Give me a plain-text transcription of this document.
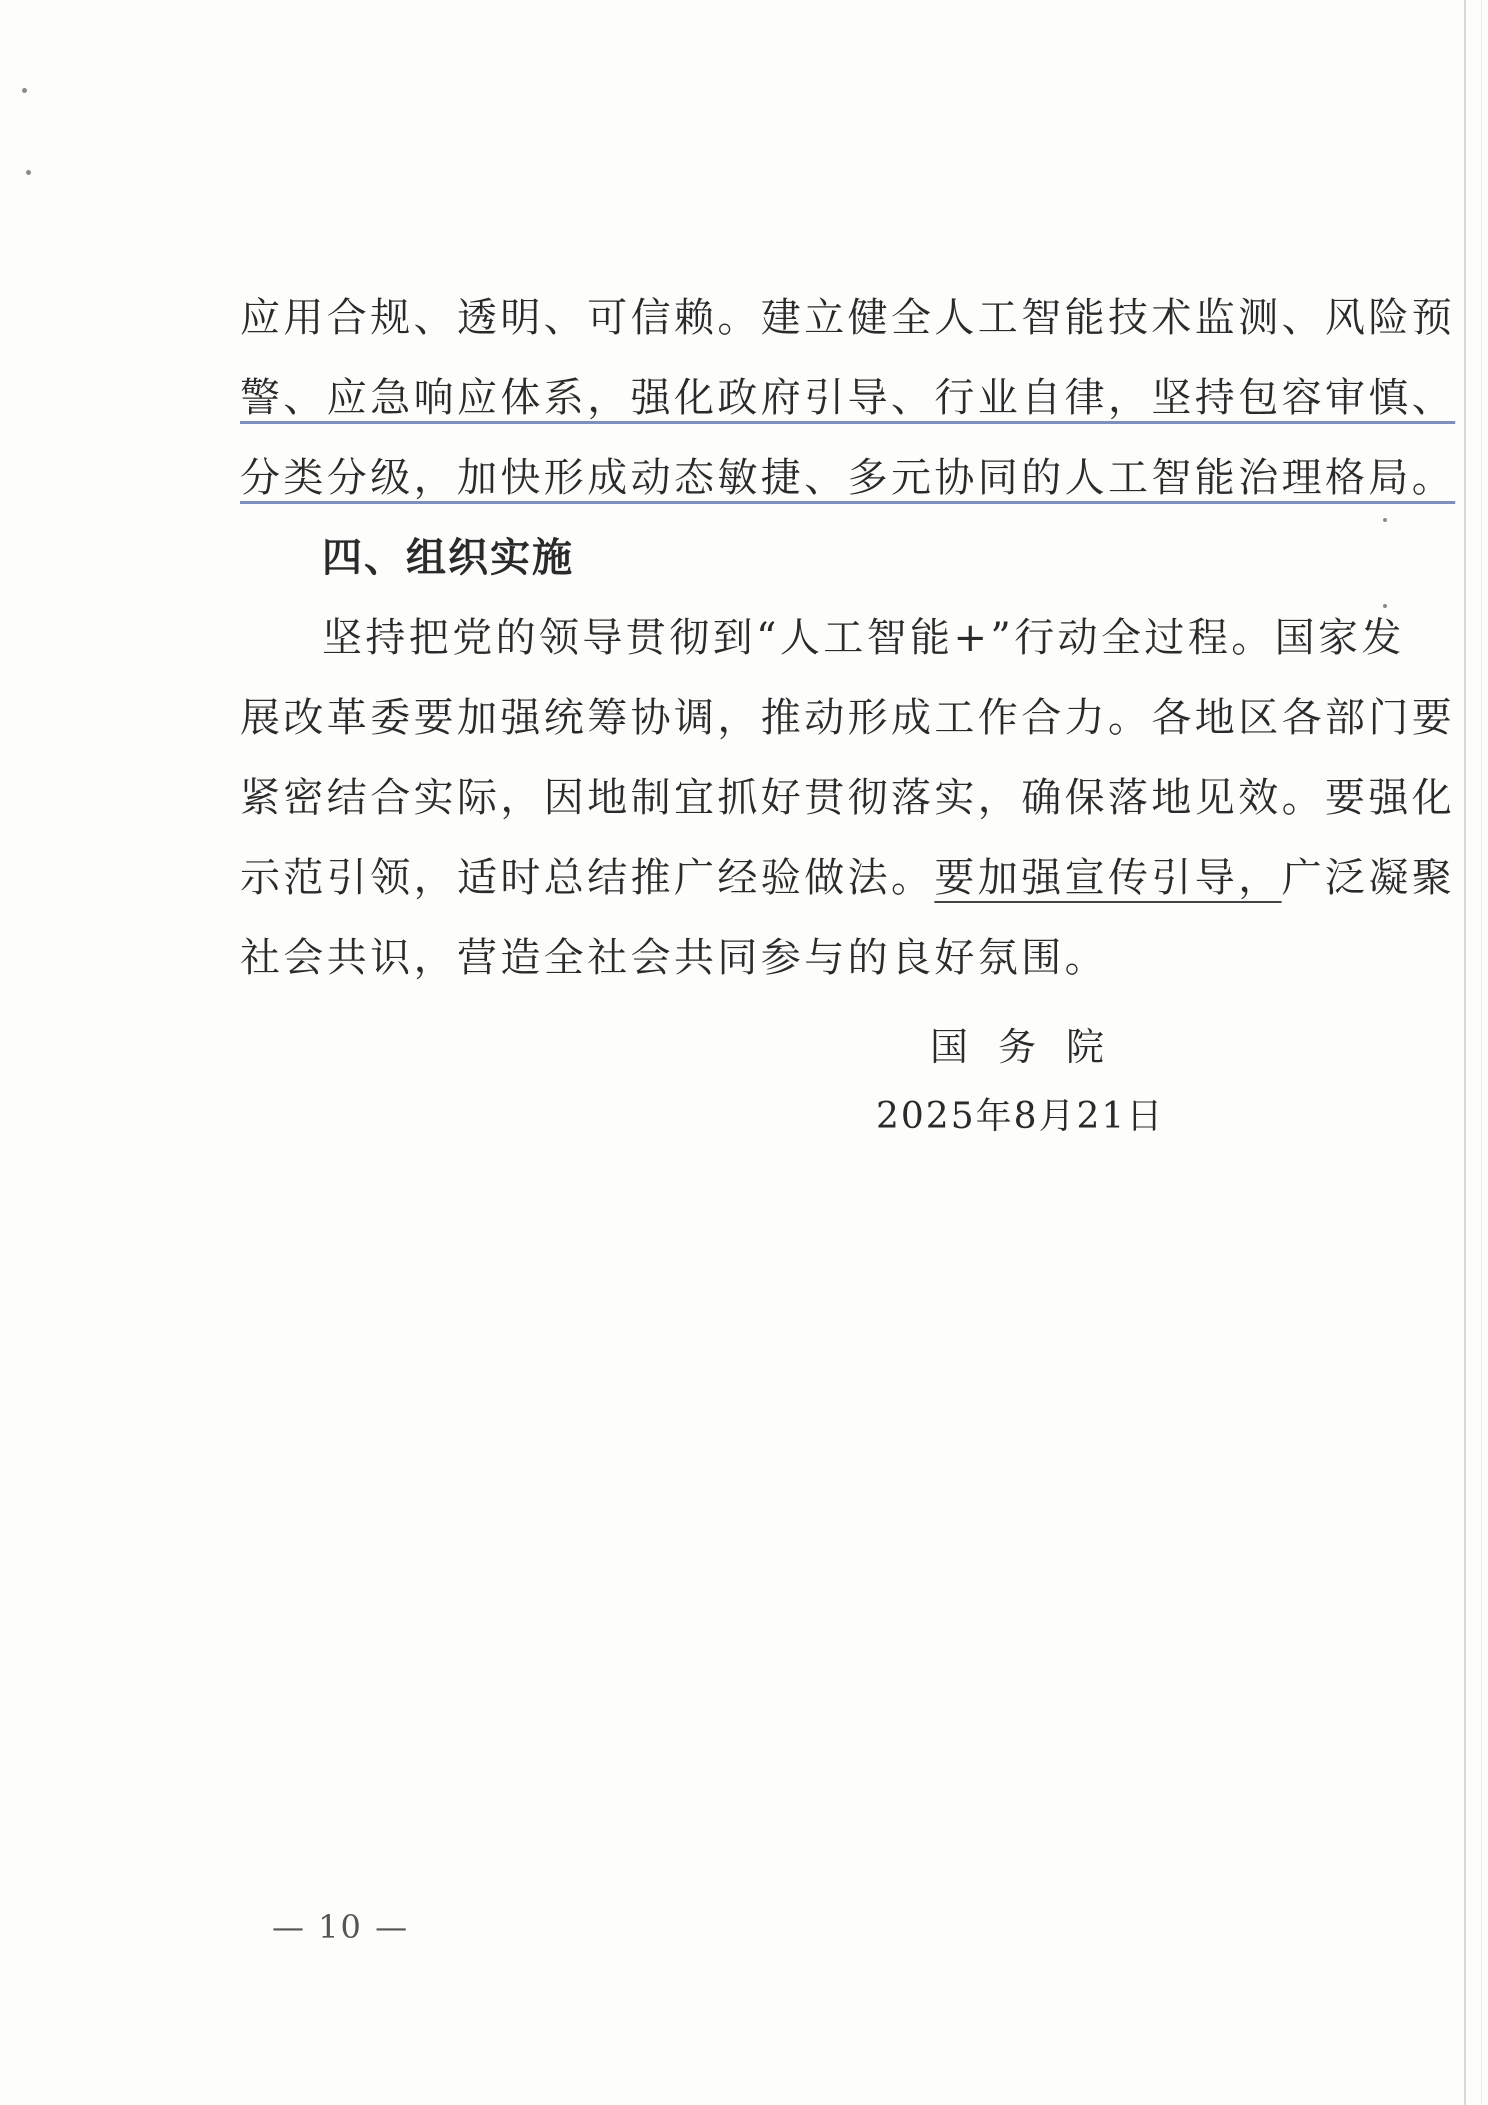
应用合规、透明、可信赖。建立健全人工智能技术监测、风险预
警、应急响应体系，强化政府引导、行业自律，坚持包容审慎、
分类分级，加快形成动态敏捷、多元协同的人工智能治理格局。
四、组织实施
坚持把党的领导贯彻到“人工智能+”行动全过程。国家发
展改革委要加强统筹协调，推动形成工作合力。各地区各部门要
紧密结合实际，因地制宜抓好贯彻落实，确保落地见效。要强化
示范引领，适时总结推广经验做法。要加强宣传引导，广泛凝聚
社会共识，营造全社会共同参与的良好氛围。
国务院
2025年8月21日
— 10 —
